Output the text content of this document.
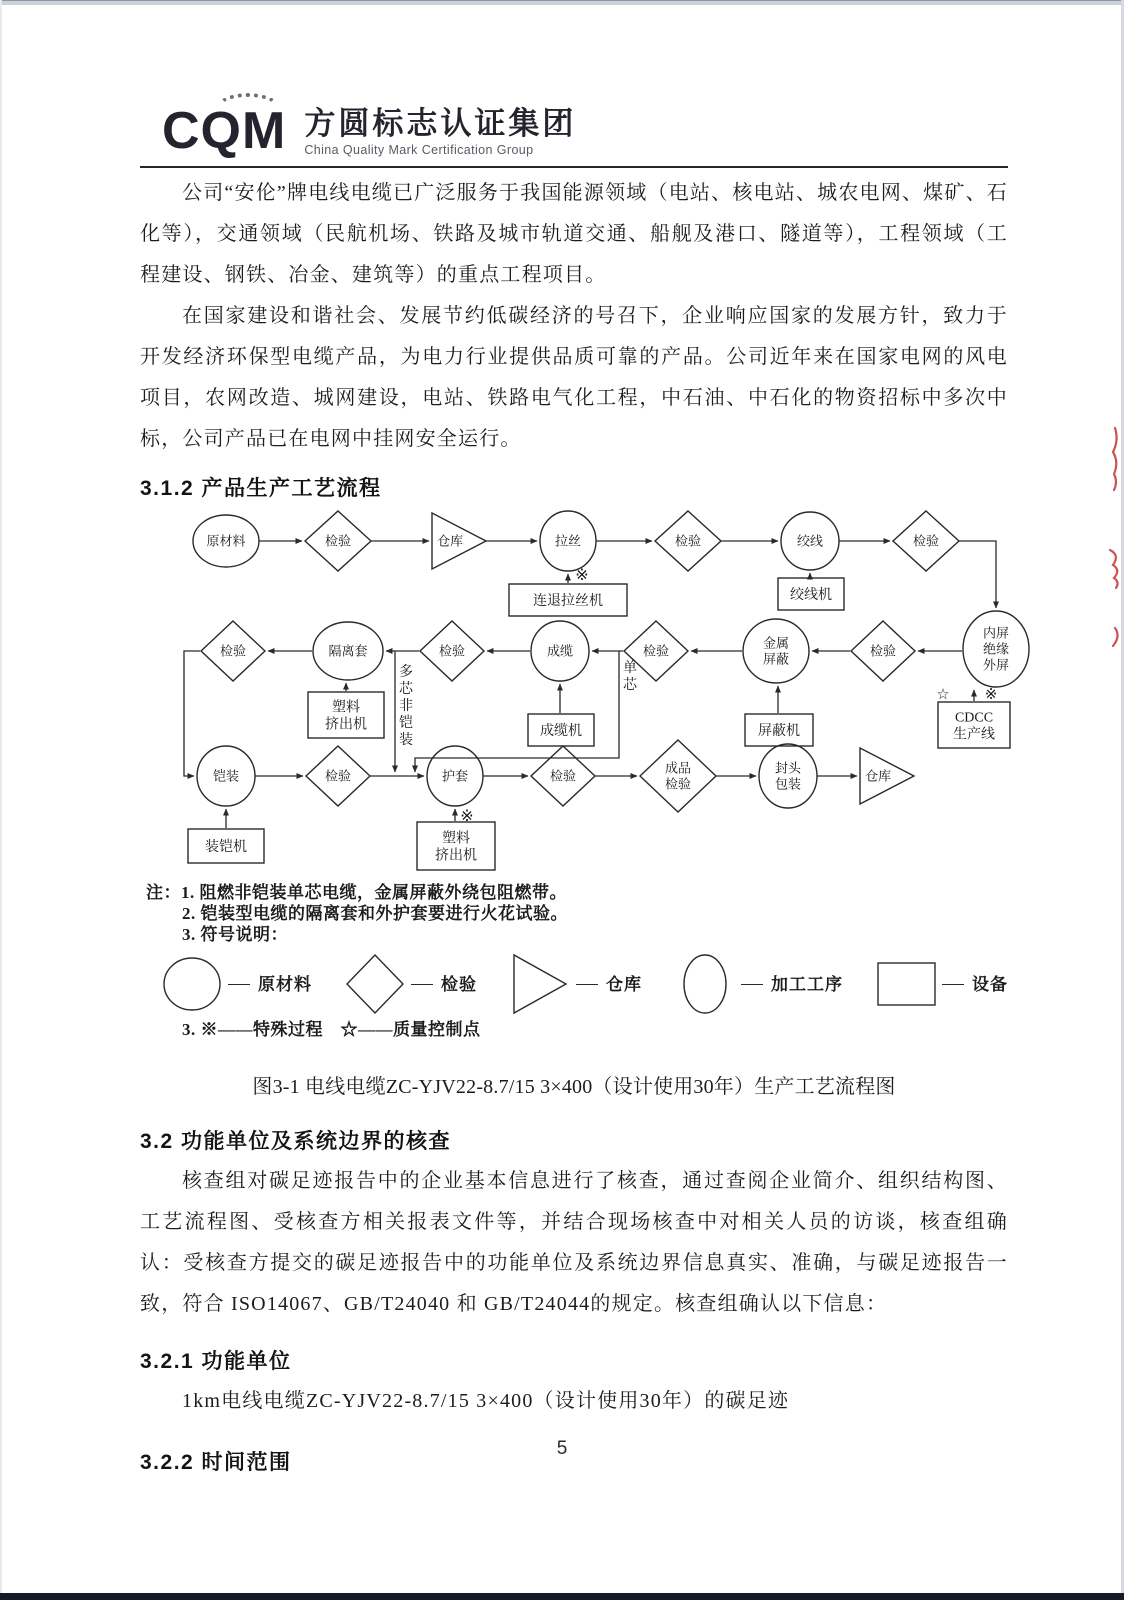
CQM 方圆标志认证集团
China Quality Mark Certification Group

公司“安伦”牌电线电缆已广泛服务于我国能源领域（电站、核电站、城农电网、煤矿、石化等），交通领域（民航机场、铁路及城市轨道交通、船舰及港口、隧道等），工程领域（工程建设、钢铁、冶金、建筑等）的重点工程项目。

在国家建设和谐社会、发展节约低碳经济的号召下，企业响应国家的发展方针，致力于开发经济环保型电缆产品，为电力行业提供品质可靠的产品。公司近年来在国家电网的风电项目，农网改造、城网建设，电站、铁路电气化工程，中石油、中石化的物资招标中多次中标，公司产品已在电网中挂网安全运行。

3.1.2 产品生产工艺流程
原材料	检验	仓库	拉丝	检验	绞线	检验
内屏绝缘外屏
检验
金属屏蔽
检验
成缆
检验
隔离套
检验
铠装	检验	护套	检验
成品检验
封头包装
仓库
连退拉丝机	绞线机
塑料挤出机	成缆机	屏蔽机
CDCC 生产线
装铠机
塑料挤出机
※
单芯
多芯非铠装
☆ ※
※
注：1. 阻燃非铠装单芯电缆，金属屏蔽外绕包阻燃带。
2. 铠装型电缆的隔离套和外护套要进行火花试验。
3. 符号说明：
原材料	检验	仓库	加工工序	设备
3. ※——特殊过程　☆——质量控制点
图3-1 电线电缆ZC-YJV22-8.7/15 3×400（设计使用30年）生产工艺流程图
3.2 功能单位及系统边界的核查

核查组对碳足迹报告中的企业基本信息进行了核查，通过查阅企业简介、组织结构图、工艺流程图、受核查方相关报表文件等，并结合现场核查中对相关人员的访谈，核查组确认：受核查方提交的碳足迹报告中的功能单位及系统边界信息真实、准确，与碳足迹报告一致，符合 ISO14067、GB/T24040 和 GB/T24044的规定。核查组确认以下信息：

3.2.1 功能单位

1km电线电缆ZC-YJV22-8.7/15 3×400（设计使用30年）的碳足迹

3.2.2 时间范围
5
